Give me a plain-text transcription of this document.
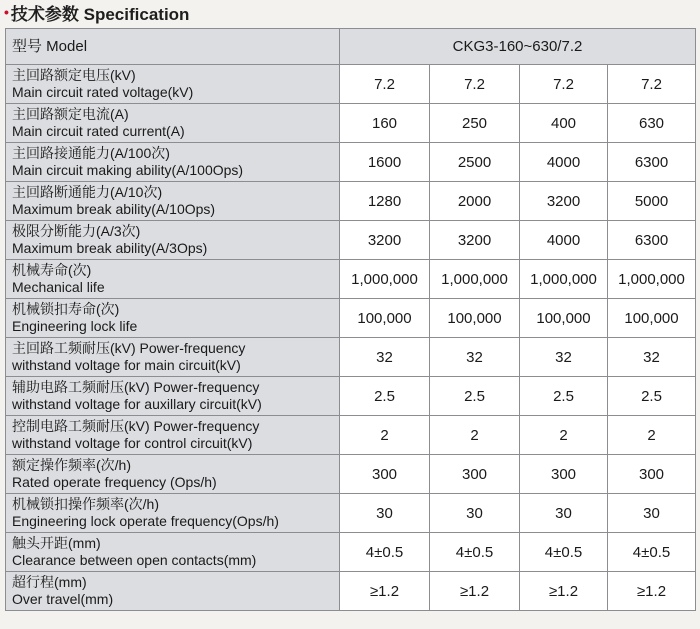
• 技术参数 Specification
型号 Model	CKG3-160~630/7.2			

主回路额定电压(kV)
Main circuit rated voltage(kV)	7.2	7.2	7.2	7.2

主回路额定电流(A)
Main circuit rated current(A)	160	250	400	630

主回路接通能力(A/100次)
Main circuit making ability(A/100Ops)	1600	2500	4000	6300

主回路断通能力(A/10次)
Maximum break ability(A/10Ops)	1280	2000	3200	5000

极限分断能力(A/3次)
Maximum break ability(A/3Ops)	3200	3200	4000	6300

机械寿命(次)
Mechanical life	1,000,000	1,000,000	1,000,000	1,000,000

机械锁扣寿命(次)
Engineering lock life	100,000	100,000	100,000	100,000

主回路工频耐压(kV) Power-frequency
withstand voltage for main circuit(kV)	32	32	32	32

辅助电路工频耐压(kV) Power-frequency
withstand voltage for auxillary circuit(kV)	2.5	2.5	2.5	2.5

控制电路工频耐压(kV) Power-frequency
withstand voltage for control circuit(kV)	2	2	2	2

额定操作频率(次/h)
Rated operate frequency (Ops/h)	300	300	300	300

机械锁扣操作频率(次/h)
Engineering lock operate frequency(Ops/h)	30	30	30	30

触头开距(mm)
Clearance between open contacts(mm)	4±0.5	4±0.5	4±0.5	4±0.5

超行程(mm)
Over travel(mm)	≥1.2	≥1.2	≥1.2	≥1.2
